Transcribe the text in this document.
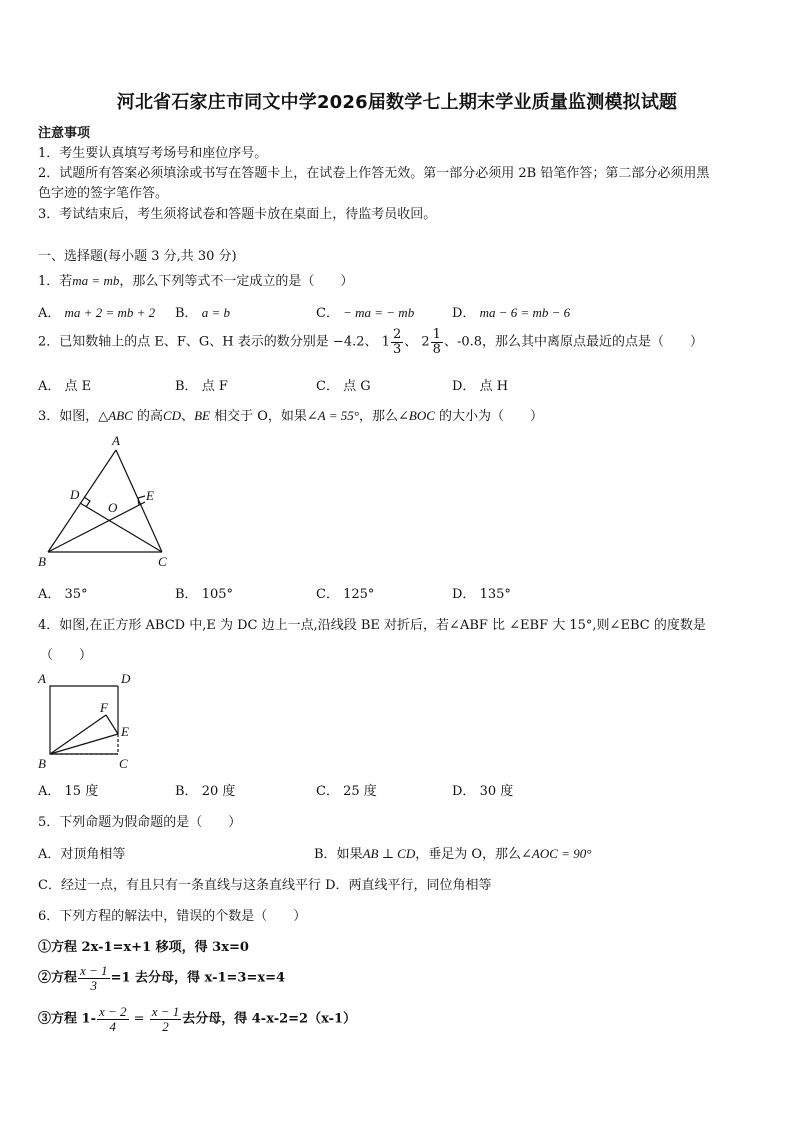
河北省石家庄市同文中学2026届数学七上期末学业质量监测模拟试题
注意事项
1．考生要认真填写考场号和座位序号。
2．试题所有答案必须填涂或书写在答题卡上，在试卷上作答无效。第一部分必须用 2B 铅笔作答；第二部分必须用黑
色字迹的签字笔作答。
3．考试结束后，考生须将试卷和答题卡放在桌面上，待监考员收回。
一、选择题(每小题 3 分,共 30 分)
1．若ma = mb，那么下列等式不一定成立的是（　　）
A． ma + 2 = mb + 2 B． a = b	C． − ma = − mb	D． ma − 6 = mb − 6
2．已知数轴上的点 E、F、G、H 表示的数分别是 −4.2、 $1 \frac{2}{3}$ 、 $2 \frac{1}{8}$ 、-0.8，那么其中离原点最近的点是（　　）
A． 点 E	B． 点 F	C． 点 G	D． 点 H
3．如图，△ABC 的高CD、BE 相交于 O，如果∠A = 55°，那么∠BOC 的大小为（　　）
A
B	C
D	E
O
A． 35°	B． 105°	C． 125°	D． 135°
4．如图,在正方形 ABCD 中,E 为 DC 边上一点,沿线段 BE 对折后，若∠ABF 比 ∠EBF 大 15°,则∠EBC 的度数是
（　　）
A	D
B	C
F
E
A． 15 度	B． 20 度	C． 25 度	D． 30 度
5．下列命题为假命题的是（　　）
A．对顶角相等	B．如果AB ⊥ CD，垂足为 O，那么∠AOC = 90°
C．经过一点，有且只有一条直线与这条直线平行 D．两直线平行，同位角相等
6．下列方程的解法中，错误的个数是（　　）
①方程 2x-1=x+1 移项，得 3x=0
②方程 $\frac{x - 1}{3} =1$ 去分母，得 x-1=3=x=4
③方程 $1- \frac{x - 2}{4} = \frac{x - 1}{2}$ 去分母，得 4-x-2=2（x-1）
